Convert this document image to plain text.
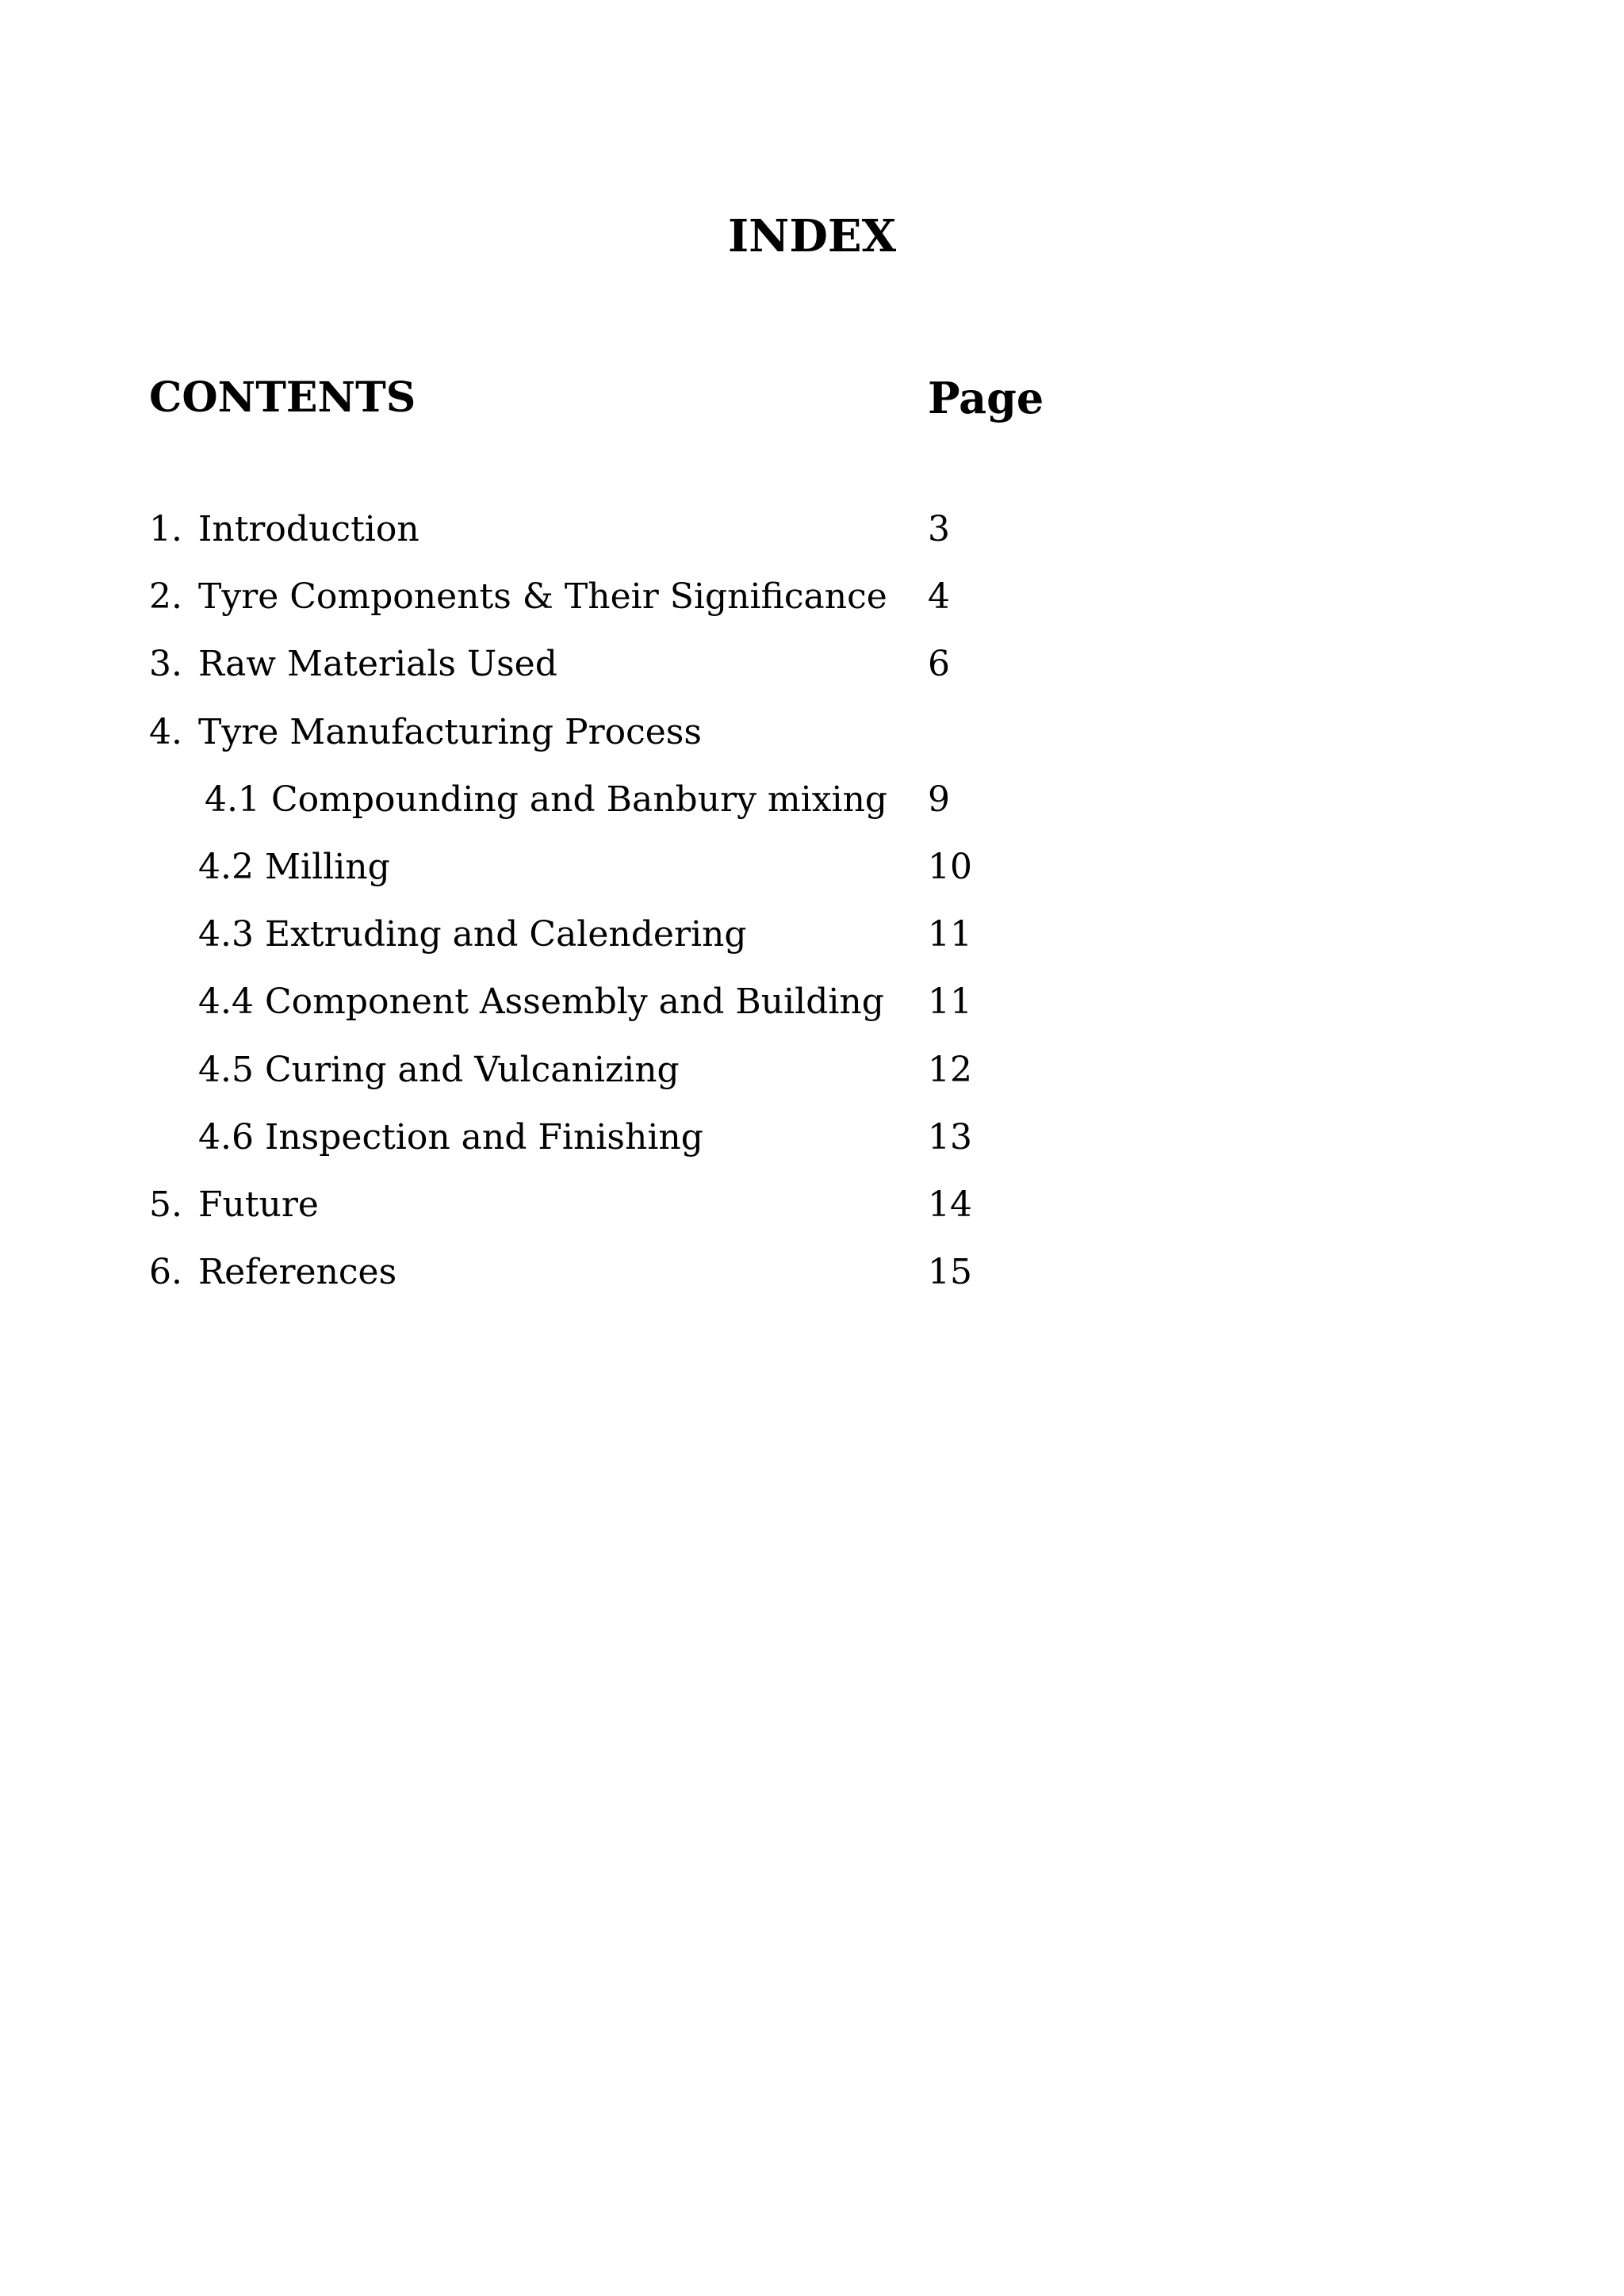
INDEX
CONTENTS	Page
1. Introduction	3
2. Tyre Components & Their Significance 4
3. Raw Materials Used	6
4. Tyre Manufacturing Process
4.1 Compounding and Banbury mixing 9
4.2 Milling	10
4.3 Extruding and Calendering	11
4.4 Component Assembly and Building 11
4.5 Curing and Vulcanizing	12
4.6 Inspection and Finishing	13
5. Future	14
6. References	15
